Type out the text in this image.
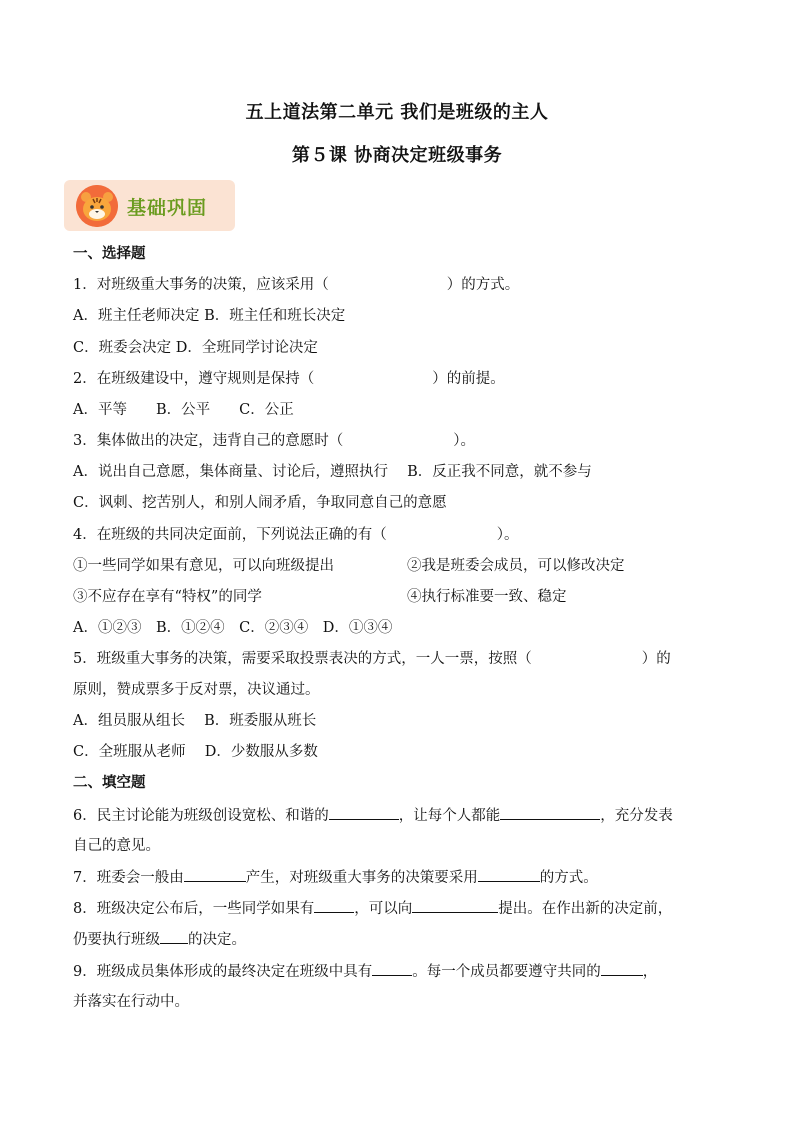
五上道法第二单元 我们是班级的主人
第５课 协商决定班级事务
基础巩固
一、选择题
1．对班级重大事务的决策，应该采用（	）的方式。
A．班主任老师决定 B．班主任和班长决定
C．班委会决定 D．全班同学讨论决定
2．在班级建设中，遵守规则是保持（	）的前提。
A．平等　　B．公平　　C．公正
3．集体做出的决定，违背自己的意愿时（	）。
A．说出自己意愿，集体商量、讨论后，遵照执行　 B．反正我不同意，就不参与
C．讽刺、挖苦别人，和别人闹矛盾，争取同意自己的意愿
4．在班级的共同决定面前，下列说法正确的有（	）。
①一些同学如果有意见，可以向班级提出	②我是班委会成员，可以修改决定
③不应存在享有“特权”的同学	④执行标准要一致、稳定
A．①②③　B．①②④　C．②③④　D．①③④
5．班级重大事务的决策，需要采取投票表决的方式，一人一票，按照（	）的
原则，赞成票多于反对票，决议通过。
A．组员服从组长　 B．班委服从班长
C．全班服从老师　 D．少数服从多数
二、填空题
6．民主讨论能为班级创设宽松、和谐的	，让每个人都能	，充分发表
自己的意见。
7．班委会一般由	产生，对班级重大事务的决策要采用	的方式。
8．班级决定公布后，一些同学如果有	，可以向	提出。在作出新的决定前，
仍要执行班级 的决定。
9．班级成员集体形成的最终决定在班级中具有	。每一个成员都要遵守共同的	，
并落实在行动中。
